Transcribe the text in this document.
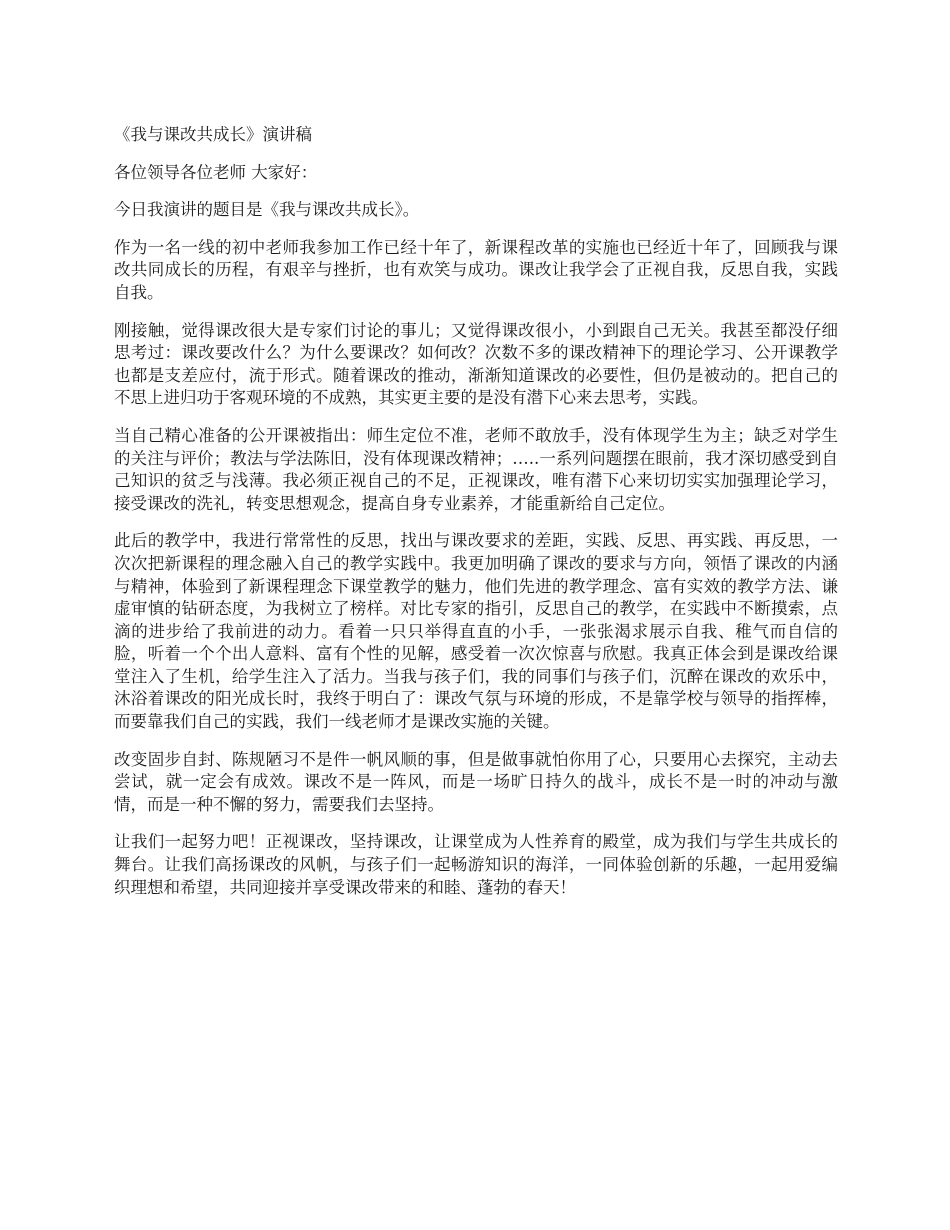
《我与课改共成长》演讲稿

各位领导各位老师 大家好：

今日我演讲的题目是《我与课改共成长》。

作为一名一线的初中老师我参加工作已经十年了，新课程改革的实施也已经近十年了，回顾我与课改共同成长的历程，有艰辛与挫折，也有欢笑与成功。课改让我学会了正视自我，反思自我，实践自我。

刚接触，觉得课改很大是专家们讨论的事儿；又觉得课改很小，小到跟自己无关。我甚至都没仔细思考过：课改要改什么？为什么要课改？如何改？次数不多的课改精神下的理论学习、公开课教学也都是支差应付，流于形式。随着课改的推动，渐渐知道课改的必要性，但仍是被动的。把自己的不思上进归功于客观环境的不成熟，其实更主要的是没有潜下心来去思考，实践。

当自己精心准备的公开课被指出：师生定位不准，老师不敢放手，没有体现学生为主；缺乏对学生的关注与评价；教法与学法陈旧，没有体现课改精神；…..一系列问题摆在眼前，我才深切感受到自己知识的贫乏与浅薄。我必须正视自己的不足，正视课改，唯有潜下心来切切实实加强理论学习，接受课改的洗礼，转变思想观念，提高自身专业素养，才能重新给自己定位。

此后的教学中，我进行常常性的反思，找出与课改要求的差距，实践、反思、再实践、再反思，一次次把新课程的理念融入自己的教学实践中。我更加明确了课改的要求与方向，领悟了课改的内涵与精神，体验到了新课程理念下课堂教学的魅力，他们先进的教学理念、富有实效的教学方法、谦虚审慎的钻研态度，为我树立了榜样。对比专家的指引，反思自己的教学，在实践中不断摸索，点滴的进步给了我前进的动力。看着一只只举得直直的小手，一张张渴求展示自我、稚气而自信的脸，听着一个个出人意料、富有个性的见解，感受着一次次惊喜与欣慰。我真正体会到是课改给课堂注入了生机，给学生注入了活力。当我与孩子们，我的同事们与孩子们，沉醉在课改的欢乐中，沐浴着课改的阳光成长时，我终于明白了：课改气氛与环境的形成，不是靠学校与领导的指挥棒，而要靠我们自己的实践，我们一线老师才是课改实施的关键。

改变固步自封、陈规陋习不是件一帆风顺的事，但是做事就怕你用了心，只要用心去探究，主动去尝试，就一定会有成效。课改不是一阵风，而是一场旷日持久的战斗，成长不是一时的冲动与激情，而是一种不懈的努力，需要我们去坚持。

让我们一起努力吧！正视课改，坚持课改，让课堂成为人性养育的殿堂，成为我们与学生共成长的舞台。让我们高扬课改的风帆，与孩子们一起畅游知识的海洋，一同体验创新的乐趣，一起用爱编织理想和希望，共同迎接并享受课改带来的和睦、蓬勃的春天！
